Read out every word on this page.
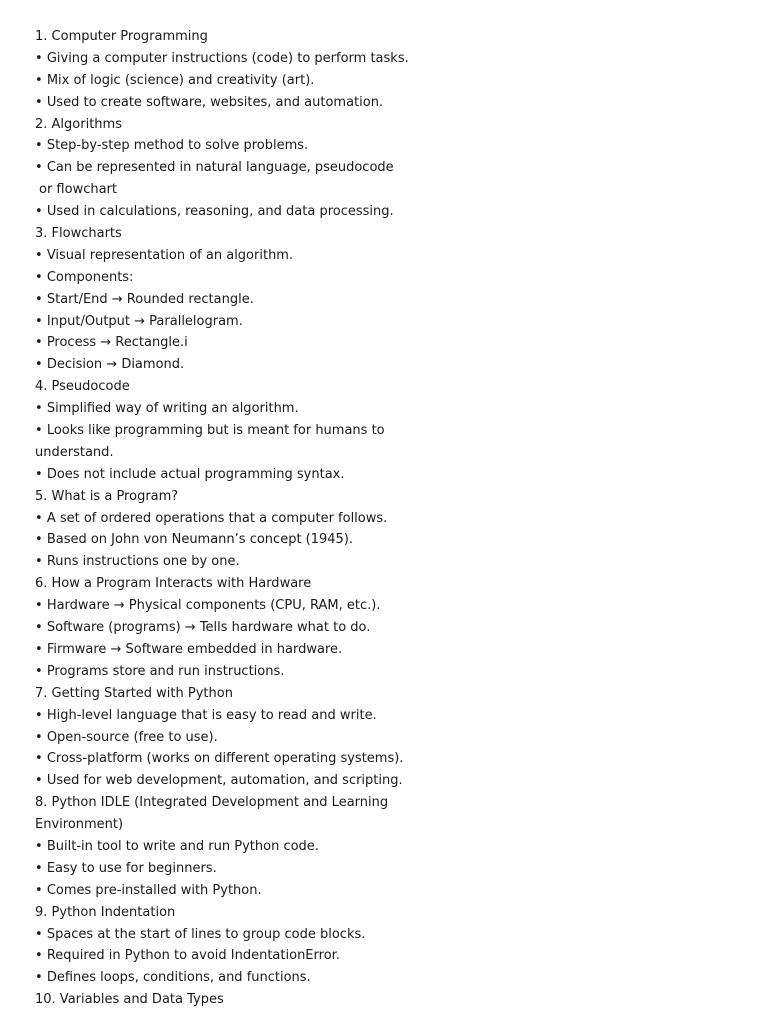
1. Computer Programming
• Giving a computer instructions (code) to perform tasks.
• Mix of logic (science) and creativity (art).
• Used to create software, websites, and automation.
2. Algorithms
• Step-by-step method to solve problems.
• Can be represented in natural language, pseudocode
or flowchart
• Used in calculations, reasoning, and data processing.
3. Flowcharts
• Visual representation of an algorithm.
• Components:
• Start/End → Rounded rectangle.
• Input/Output → Parallelogram.
• Process → Rectangle.i
• Decision → Diamond.
4. Pseudocode
• Simplified way of writing an algorithm.
• Looks like programming but is meant for humans to
understand.
• Does not include actual programming syntax.
5. What is a Program?
• A set of ordered operations that a computer follows.
• Based on John von Neumann’s concept (1945).
• Runs instructions one by one.
6. How a Program Interacts with Hardware
• Hardware → Physical components (CPU, RAM, etc.).
• Software (programs) → Tells hardware what to do.
• Firmware → Software embedded in hardware.
• Programs store and run instructions.
7. Getting Started with Python
• High-level language that is easy to read and write.
• Open-source (free to use).
• Cross-platform (works on different operating systems).
• Used for web development, automation, and scripting.
8. Python IDLE (Integrated Development and Learning
Environment)
• Built-in tool to write and run Python code.
• Easy to use for beginners.
• Comes pre-installed with Python.
9. Python Indentation
• Spaces at the start of lines to group code blocks.
• Required in Python to avoid IndentationError.
• Defines loops, conditions, and functions.
10. Variables and Data Types
